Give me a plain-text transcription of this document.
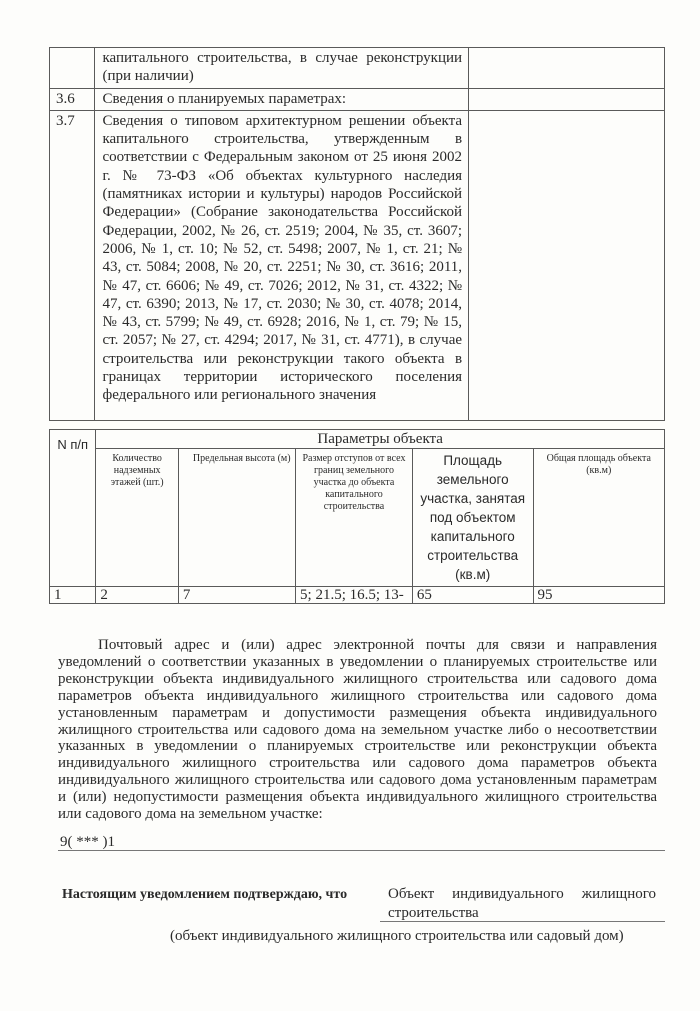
	капитального строительства, в случае реконструкции (при наличии)	
3.6	Сведения о планируемых параметрах:	
3.7	Сведения о типовом архитектурном решении объекта капитального строительства, утвержденным в соответствии с Федеральным законом от 25 июня 2002 г. № 73-ФЗ «Об объектах культурного наследия (памятниках истории и культуры) народов Российской Федерации» (Собрание законодательства Российской Федерации, 2002, № 26, ст. 2519; 2004, № 35, ст. 3607; 2006, № 1, ст. 10; № 52, ст. 5498; 2007, № 1, ст. 21; № 43, ст. 5084; 2008, № 20, ст. 2251; № 30, ст. 3616; 2011, № 47, ст. 6606; № 49, ст. 7026; 2012, № 31, ст. 4322; № 47, ст. 6390; 2013, № 17, ст. 2030; № 30, ст. 4078; 2014, № 43, ст. 5799; № 49, ст. 6928; 2016, № 1, ст. 79; № 15, ст. 2057; № 27, ст. 4294; 2017, № 31, ст. 4771), в случае строительства или реконструкции такого объекта в границах территории исторического поселения федерального или регионального значения	
N п/п	Параметры объекта				
	Количество надземных этажей (шт.)	Предельная высота (м)	Размер отступов от всех границ земельного участка до объекта капитального строительства	Площадь земельного участка, занятая под объектом капитального строительства (кв.м)	Общая площадь объекта (кв.м)
1	2	7	5; 21.5; 16.5; 13-	65	95

Почтовый адрес и (или) адрес электронной почты для связи и направления уведомлений о соответствии указанных в уведомлении о планируемых строительстве или реконструкции объекта индивидуального жилищного строительства или садового дома параметров объекта индивидуального жилищного строительства или садового дома установленным параметрам и допустимости размещения объекта индивидуального жилищного строительства или садового дома на земельном участке либо о несоответствии указанных в уведомлении о планируемых строительстве или реконструкции объекта индивидуального жилищного строительства или садового дома параметров объекта индивидуального жилищного строительства или садового дома установленным параметрам и (или) недопустимости размещения объекта индивидуального жилищного строительства или садового дома на земельном участке:

9( *** )1
Настоящим уведомлением подтверждаю, что	Объект индивидуального жилищного строительства
(объект индивидуального жилищного строительства или садовый дом)
